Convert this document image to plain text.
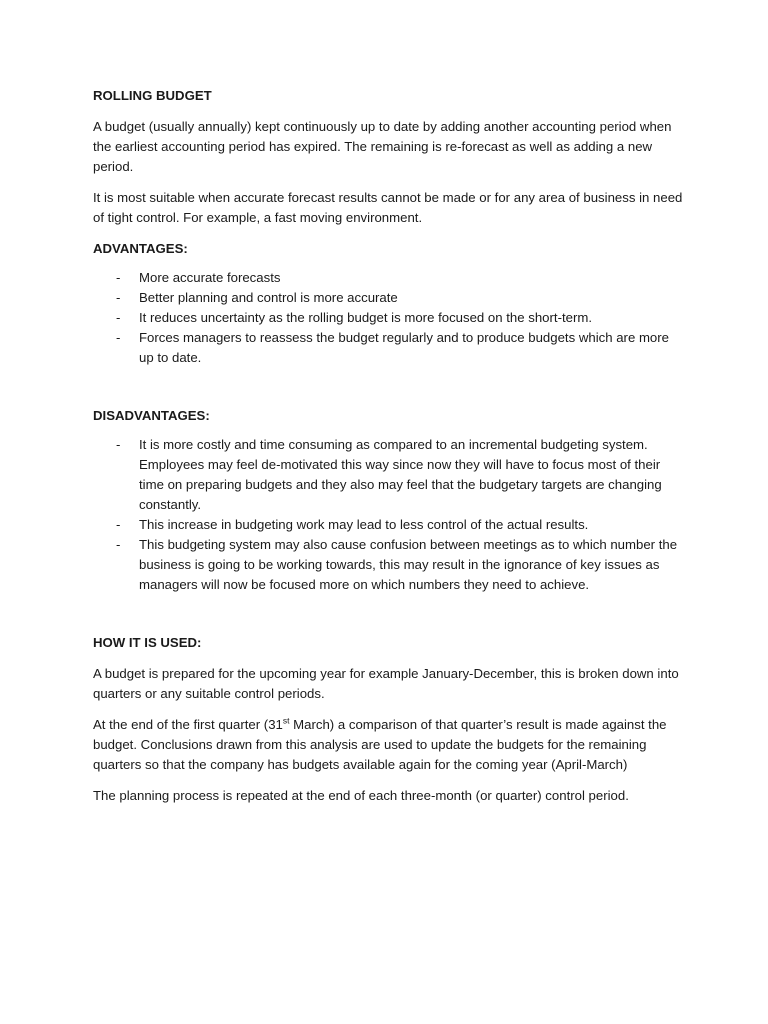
ROLLING BUDGET

A budget (usually annually) kept continuously up to date by adding another accounting period when the earliest accounting period has expired. The remaining is re-forecast as well as adding a new period.

It is most suitable when accurate forecast results cannot be made or for any area of business in need of tight control. For example, a fast moving environment.

ADVANTAGES:

- More accurate forecasts
- Better planning and control is more accurate
- It reduces uncertainty as the rolling budget is more focused on the short-term.
- Forces managers to reassess the budget regularly and to produce budgets which are more up to date.

DISADVANTAGES:

- It is more costly and time consuming as compared to an incremental budgeting system. Employees may feel de-motivated this way since now they will have to focus most of their time on preparing budgets and they also may feel that the budgetary targets are changing constantly.
- This increase in budgeting work may lead to less control of the actual results.
- This budgeting system may also cause confusion between meetings as to which number the business is going to be working towards, this may result in the ignorance of key issues as managers will now be focused more on which numbers they need to achieve.

HOW IT IS USED:

A budget is prepared for the upcoming year for example January-December, this is broken down into quarters or any suitable control periods.

At the end of the first quarter (31st March) a comparison of that quarter’s result is made against the budget. Conclusions drawn from this analysis are used to update the budgets for the remaining quarters so that the company has budgets available again for the coming year (April-March)

The planning process is repeated at the end of each three-month (or quarter) control period.
